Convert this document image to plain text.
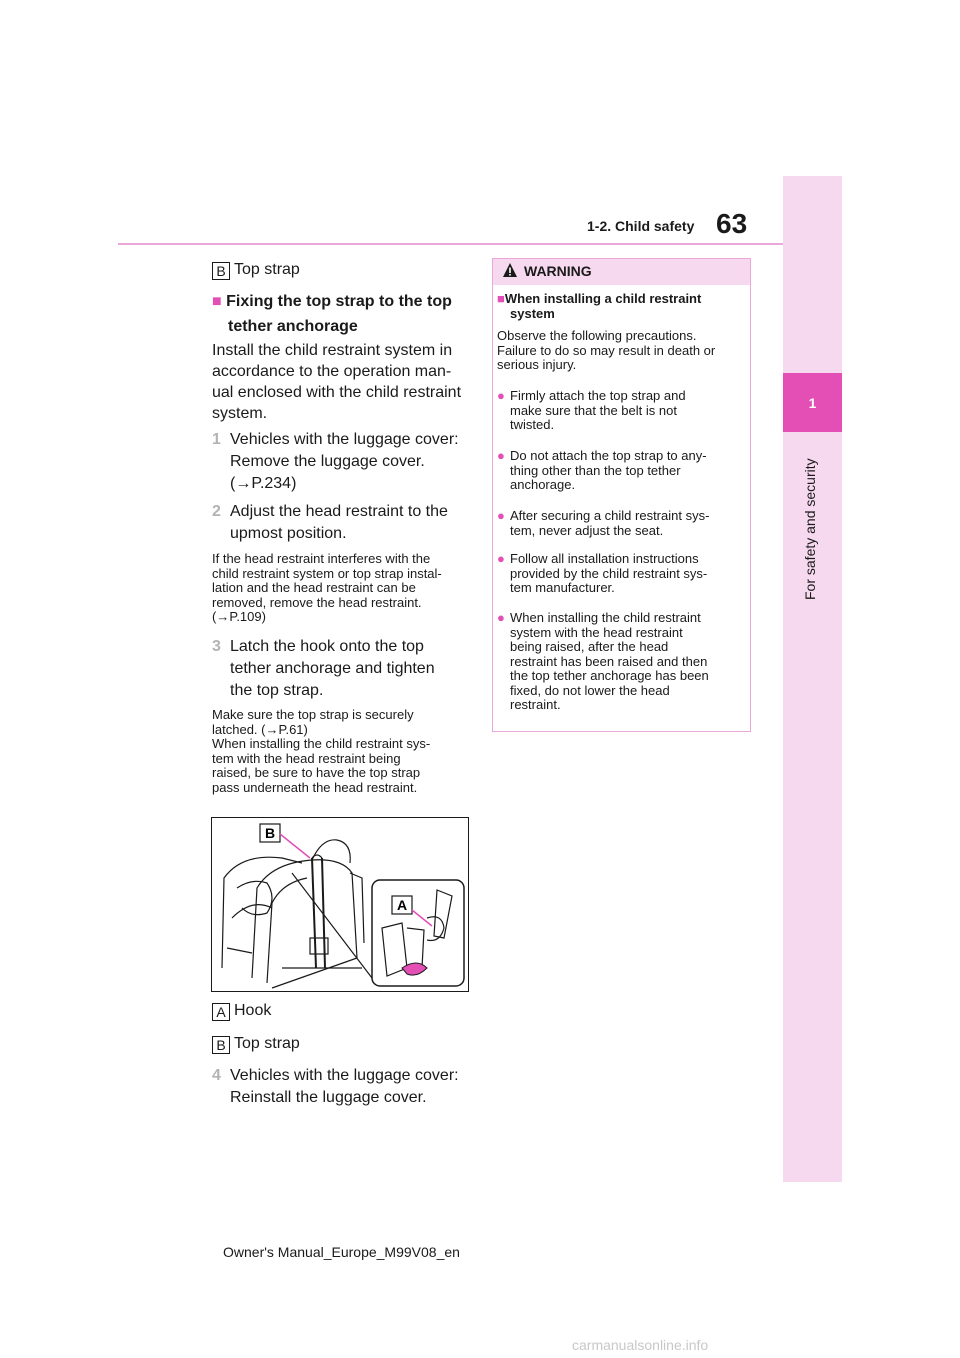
1-2. Child safety 63
1
For safety and security
B Top strap
■ Fixing the top strap to the top
tether anchorage
Install the child restraint system in
accordance to the operation man-
ual enclosed with the child restraint
system.
1 Vehicles with the luggage cover:
Remove the luggage cover.
(→P.234)
2 Adjust the head restraint to the
upmost position.
If the head restraint interferes with the
child restraint system or top strap instal-
lation and the head restraint can be
removed, remove the head restraint.
(→P.109)
3 Latch the hook onto the top
tether anchorage and tighten
the top strap.
Make sure the top strap is securely
latched. (→P.61)
When installing the child restraint sys-
tem with the head restraint being
raised, be sure to have the top strap
pass underneath the head restraint.
B
A
A Hook
B Top strap
4 Vehicles with the luggage cover:
Reinstall the luggage cover.
WARNING
■When installing a child restraint
system
Observe the following precautions.
Failure to do so may result in death or
serious injury.
● Firmly attach the top strap and
make sure that the belt is not
twisted.
● Do not attach the top strap to any-
thing other than the top tether
anchorage.
● After securing a child restraint sys-
tem, never adjust the seat.
● Follow all installation instructions
provided by the child restraint sys-
tem manufacturer.
● When installing the child restraint
system with the head restraint
being raised, after the head
restraint has been raised and then
the top tether anchorage has been
fixed, do not lower the head
restraint.
Owner's Manual_Europe_M99V08_en
carmanualsonline.info
